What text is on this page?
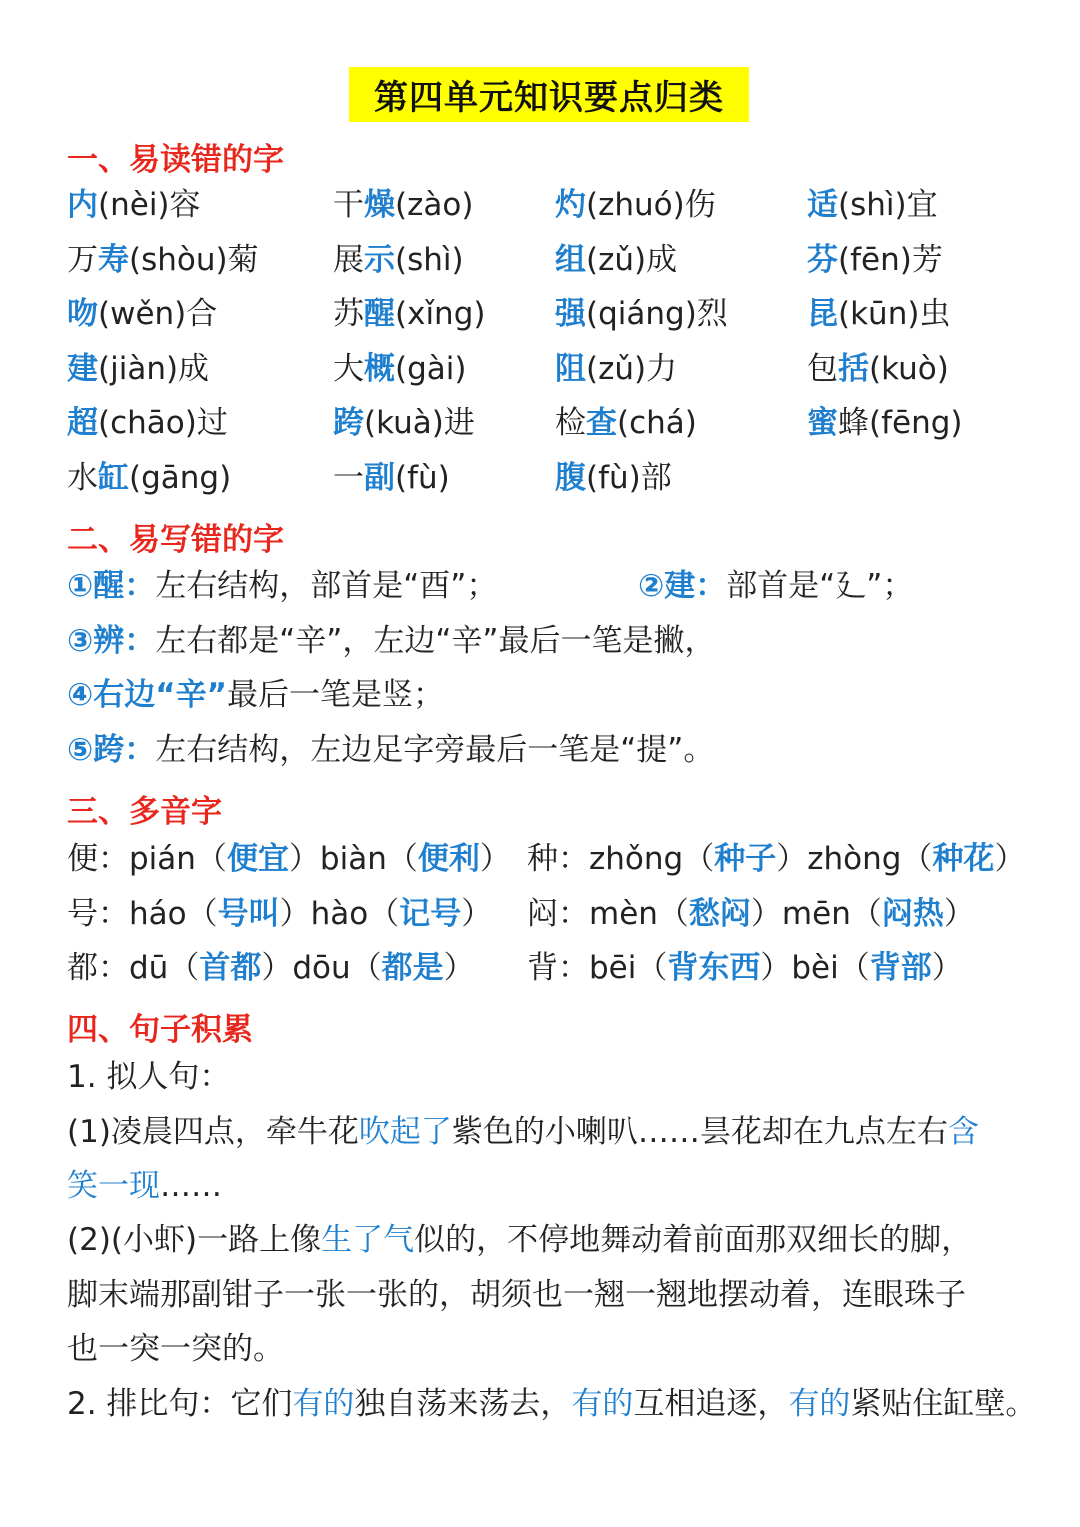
第四单元知识要点归类
一、易读错的字
内(nèi)容	干燥(zào)	灼(zhuó)伤	适(shì)宜
万寿(shòu)菊 展示(shì)	组(zǔ)成	芬(fēn)芳
吻(wěn)合	苏醒(xǐng) 强(qiáng)烈	昆(kūn)虫
建(jiàn)成	大概(gài)	阻(zǔ)力	包括(kuò)
超(chāo)过	跨(kuà)进	检查(chá)	蜜蜂(fēng)
水缸(gāng)	一副(fù)	腹(fù)部
二、易写错的字
①醒：左右结构，部首是“酉”；	②建：部首是“廴”；
③辨：左右都是“辛”，左边“辛”最后一笔是撇，
④右边“辛”最后一笔是竖；
⑤跨：左右结构，左边足字旁最后一笔是“提”。
三、多音字
便：pián（便宜）biàn（便利） 种：zhǒng（种子）zhòng（种花）
号：háo（号叫）hào（记号） 闷：mèn（愁闷）mēn（闷热）
都：dū（首都）dōu（都是） 背：bēi（背东西）bèi（背部）
四、句子积累
1. 拟人句：
(1)凌晨四点，牵牛花吹起了紫色的小喇叭……昙花却在九点左右含
笑一现……
(2)(小虾)一路上像生了气似的，不停地舞动着前面那双细长的脚，
脚末端那副钳子一张一张的，胡须也一翘一翘地摆动着，连眼珠子
也一突一突的。
2. 排比句：它们有的独自荡来荡去，有的互相追逐，有的紧贴住缸壁。
